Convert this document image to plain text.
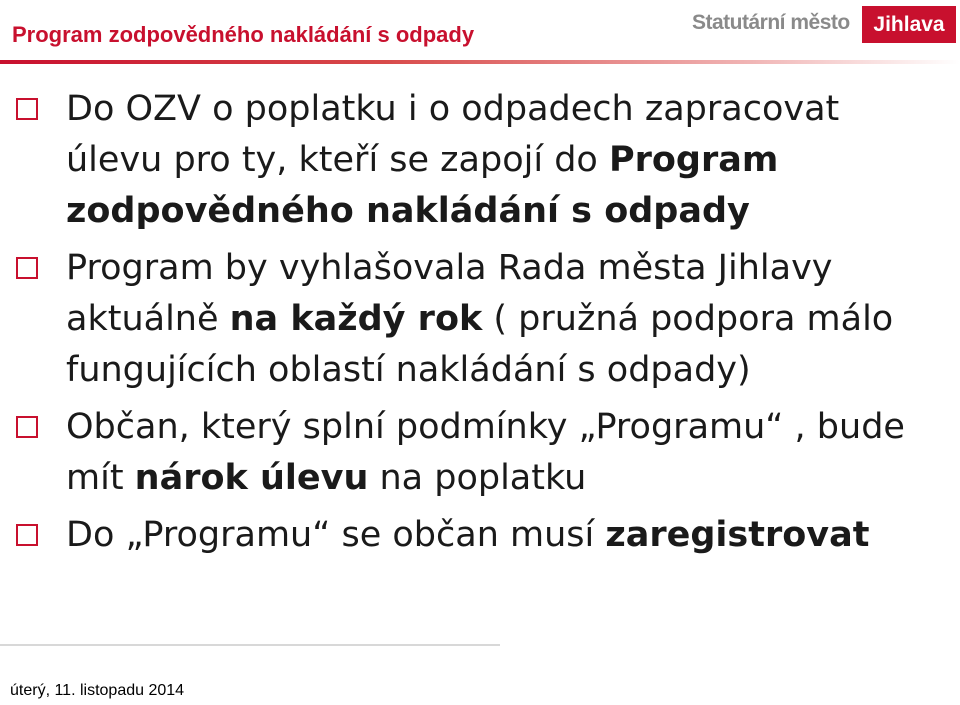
Program zodpovědného nakládání s odpady	Statutární město	Jihlava
Do OZV o poplatku i o odpadech zapracovat úlevu pro ty, kteří se zapojí do Program zodpovědného nakládání s odpady
Program by vyhlašovala Rada města Jihlavy aktuálně na každý rok ( pružná podpora málo fungujících oblastí nakládání s odpady)
Občan, který splní podmínky „Programu“ , bude mít nárok úlevu na poplatku
Do „Programu“ se občan musí zaregistrovat
úterý, 11. listopadu 2014
